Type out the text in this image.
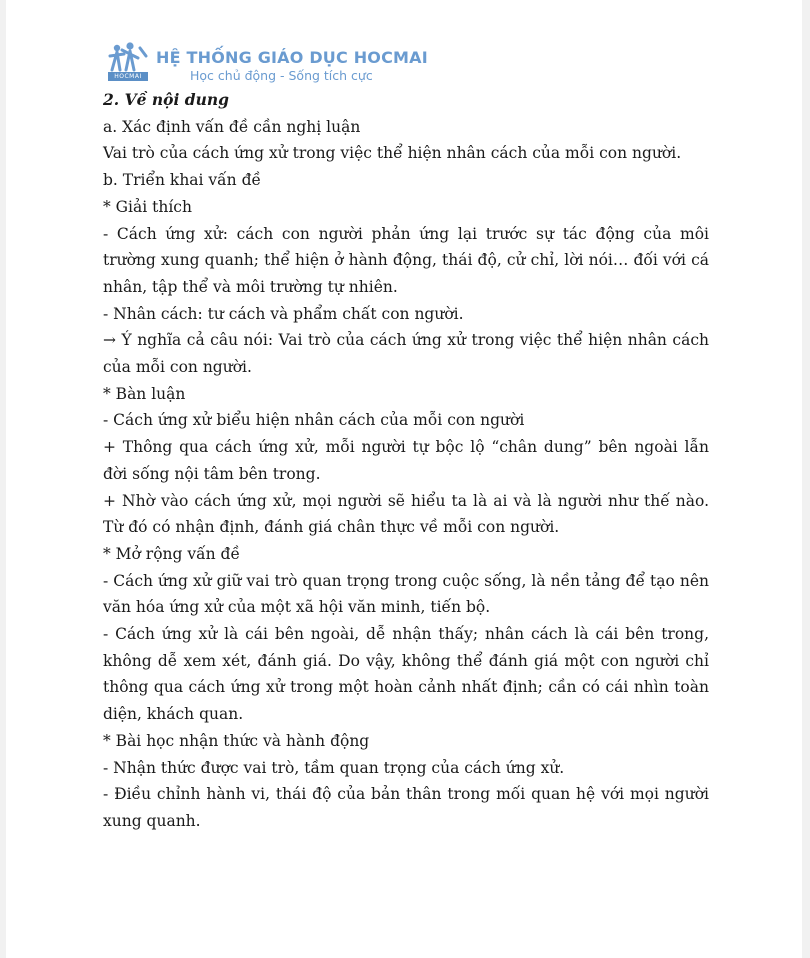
HOCMAI
HỆ THỐNG GIÁO DỤC HOCMAI
Học chủ động - Sống tích cực

2. Về nội dung

a. Xác định vấn đề cần nghị luận

Vai trò của cách ứng xử trong việc thể hiện nhân cách của mỗi con người.

b. Triển khai vấn đề

* Giải thích

- Cách ứng xử: cách con người phản ứng lại trước sự tác động của môi trường xung quanh; thể hiện ở hành động, thái độ, cử chỉ, lời nói… đối với cá nhân, tập thể và môi trường tự nhiên.

- Nhân cách: tư cách và phẩm chất con người.

→ Ý nghĩa cả câu nói: Vai trò của cách ứng xử trong việc thể hiện nhân cách của mỗi con người.

* Bàn luận

- Cách ứng xử biểu hiện nhân cách của mỗi con người

+ Thông qua cách ứng xử, mỗi người tự bộc lộ “chân dung” bên ngoài lẫn đời sống nội tâm bên trong.

+ Nhờ vào cách ứng xử, mọi người sẽ hiểu ta là ai và là người như thế nào. Từ đó có nhận định, đánh giá chân thực về mỗi con người.

* Mở rộng vấn đề

- Cách ứng xử giữ vai trò quan trọng trong cuộc sống, là nền tảng để tạo nên văn hóa ứng xử của một xã hội văn minh, tiến bộ.

- Cách ứng xử là cái bên ngoài, dễ nhận thấy; nhân cách là cái bên trong, không dễ xem xét, đánh giá. Do vậy, không thể đánh giá một con người chỉ thông qua cách ứng xử trong một hoàn cảnh nhất định; cần có cái nhìn toàn diện, khách quan.

* Bài học nhận thức và hành động

- Nhận thức được vai trò, tầm quan trọng của cách ứng xử.

- Điều chỉnh hành vi, thái độ của bản thân trong mối quan hệ với mọi người xung quanh.
